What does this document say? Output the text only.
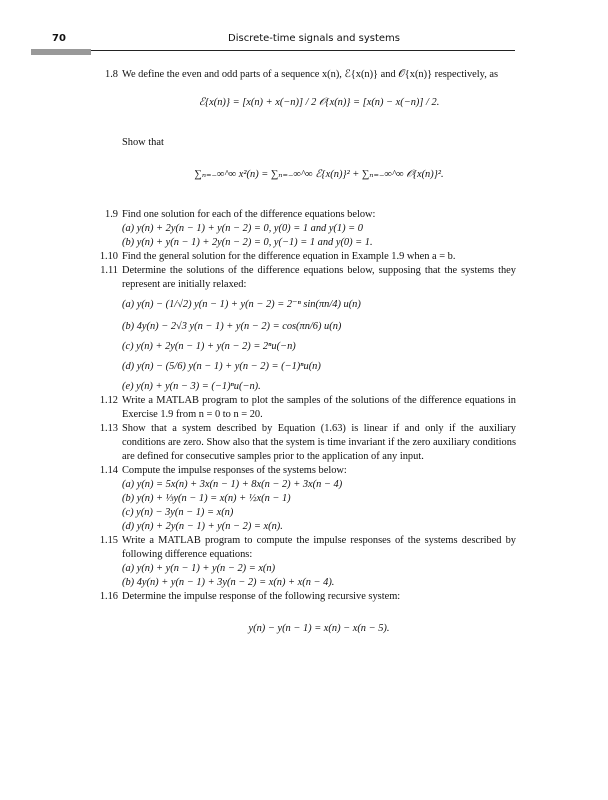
70	Discrete-time signals and systems
1.8 We define the even and odd parts of a sequence x(n), ℰ{x(n)} and 𝒪{x(n)} respectively, as
ℰ{x(n)} = [x(n) + x(−n)] / 2 𝒪{x(n)} = [x(n) − x(−n)] / 2.
Show that
∑ₙ₌₋∞^∞ x²(n) = ∑ₙ₌₋∞^∞ ℰ{x(n)}² + ∑ₙ₌₋∞^∞ 𝒪{x(n)}².
1.9 Find one solution for each of the difference equations below:
(a) y(n) + 2y(n − 1) + y(n − 2) = 0, y(0) = 1 and y(1) = 0
(b) y(n) + y(n − 1) + 2y(n − 2) = 0, y(−1) = 1 and y(0) = 1.
1.10 Find the general solution for the difference equation in Example 1.9 when a = b.
1.11 Determine the solutions of the difference equations below, supposing that the systems they represent are initially relaxed:
(a) y(n) − (1/√2) y(n − 1) + y(n − 2) = 2⁻ⁿ sin(πn/4) u(n)
(b) 4y(n) − 2√3 y(n − 1) + y(n − 2) = cos(πn/6) u(n)
(c) y(n) + 2y(n − 1) + y(n − 2) = 2ⁿu(−n)
(d) y(n) − (5/6) y(n − 1) + y(n − 2) = (−1)ⁿu(n)
(e) y(n) + y(n − 3) = (−1)ⁿu(−n).
1.12 Write a MATLAB program to plot the samples of the solutions of the difference equations in Exercise 1.9 from n = 0 to n = 20.
1.13 Show that a system described by Equation (1.63) is linear if and only if the auxiliary conditions are zero. Show also that the system is time invariant if the zero auxiliary conditions are defined for consecutive samples prior to the application of any input.
1.14 Compute the impulse responses of the systems below:
(a) y(n) = 5x(n) + 3x(n − 1) + 8x(n − 2) + 3x(n − 4)
(b) y(n) + ⅓y(n − 1) = x(n) + ½x(n − 1)
(c) y(n) − 3y(n − 1) = x(n)
(d) y(n) + 2y(n − 1) + y(n − 2) = x(n).
1.15 Write a MATLAB program to compute the impulse responses of the systems described by following difference equations:
(a) y(n) + y(n − 1) + y(n − 2) = x(n)
(b) 4y(n) + y(n − 1) + 3y(n − 2) = x(n) + x(n − 4).
1.16 Determine the impulse response of the following recursive system:
y(n) − y(n − 1) = x(n) − x(n − 5).
